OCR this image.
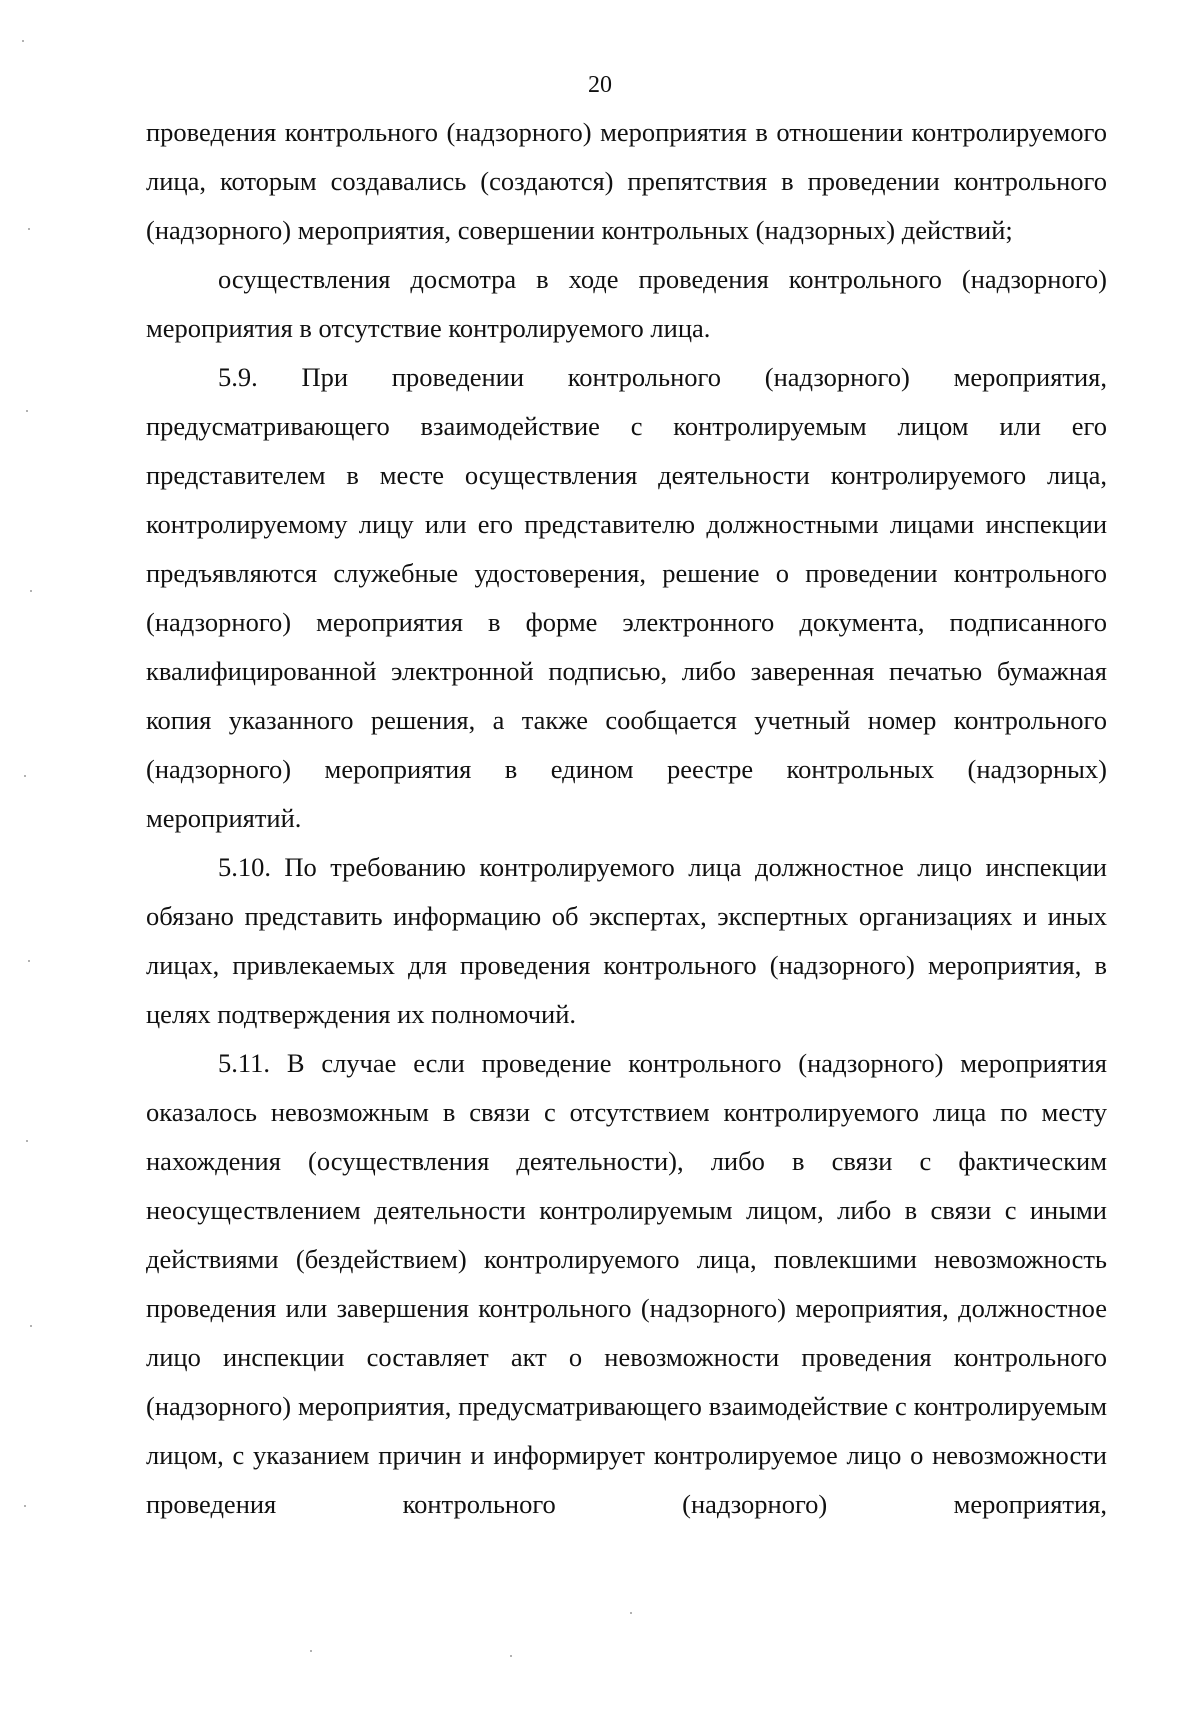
20

проведения контрольного (надзорного) мероприятия в отношении контролируемого лица, которым создавались (создаются) препятствия в проведении контрольного (надзорного) мероприятия, совершении контрольных (надзорных) действий;

осуществления досмотра в ходе проведения контрольного (надзорного) мероприятия в отсутствие контролируемого лица.

5.9. При проведении контрольного (надзорного) мероприятия, предусматривающего взаимодействие с контролируемым лицом или его представителем в месте осуществления деятельности контролируемого лица, контролируемому лицу или его представителю должностными лицами инспекции предъявляются служебные удостоверения, решение о проведении контрольного (надзорного) мероприятия в форме электронного документа, подписанного квалифицированной электронной подписью, либо заверенная печатью бумажная копия указанного решения, а также сообщается учетный номер контрольного (надзорного) мероприятия в едином реестре контрольных (надзорных) мероприятий.

5.10. По требованию контролируемого лица должностное лицо инспекции обязано представить информацию об экспертах, экспертных организациях и иных лицах, привлекаемых для проведения контрольного (надзорного) мероприятия, в целях подтверждения их полномочий.

5.11. В случае если проведение контрольного (надзорного) мероприятия оказалось невозможным в связи с отсутствием контролируемого лица по месту нахождения (осуществления деятельности), либо в связи с фактическим неосуществлением деятельности контролируемым лицом, либо в связи с иными действиями (бездействием) контролируемого лица, повлекшими невозможность проведения или завершения контрольного (надзорного) мероприятия, должностное лицо инспекции составляет акт о невозможности проведения контрольного (надзорного) мероприятия, предусматривающего взаимодействие с контролируемым лицом, с указанием причин и информирует контролируемое лицо о невозможности проведения контрольного (надзорного) мероприятия,
